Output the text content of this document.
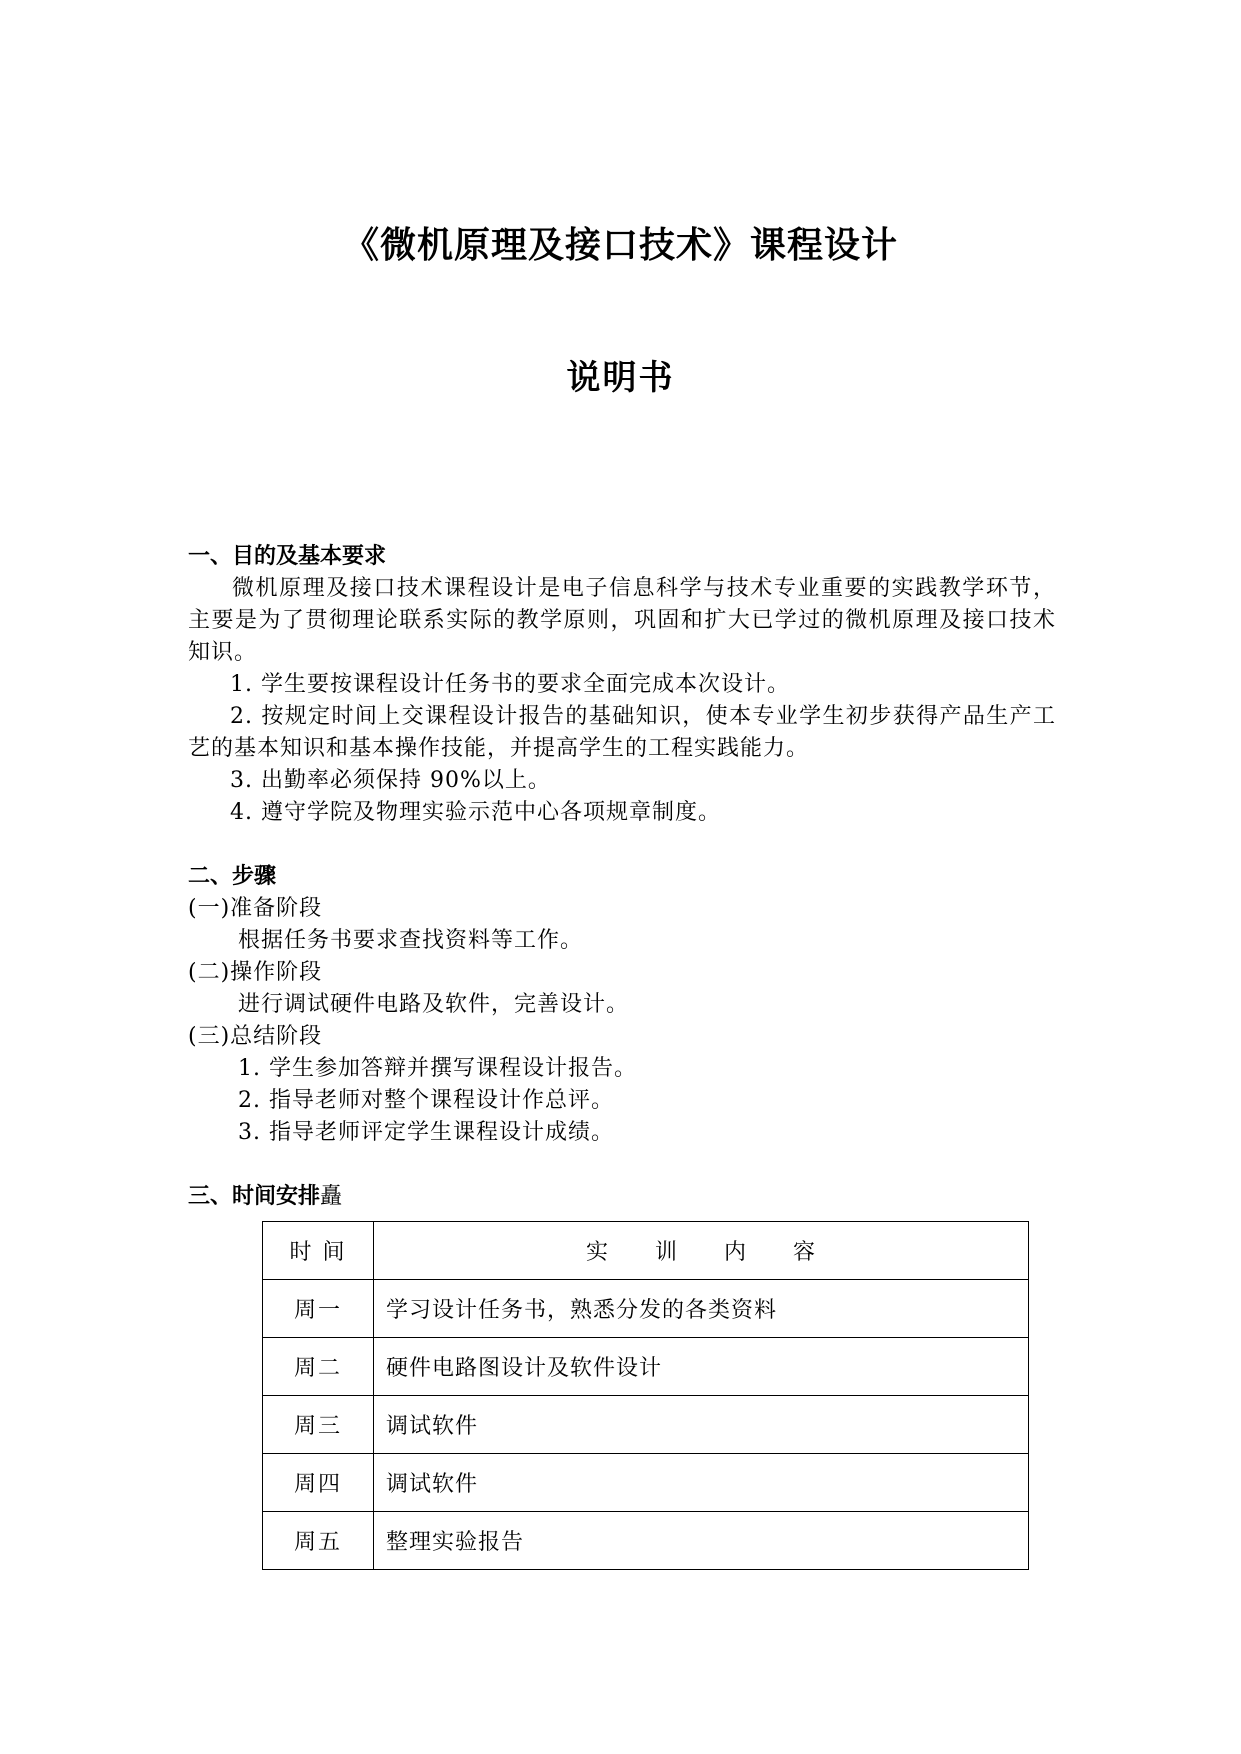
《微机原理及接口技术》课程设计
说明书
一、目的及基本要求
微机原理及接口技术课程设计是电子信息科学与技术专业重要的实践教学环节，主要是为了贯彻理论联系实际的教学原则，巩固和扩大已学过的微机原理及接口技术知识。
1. 学生要按课程设计任务书的要求全面完成本次设计。
2. 按规定时间上交课程设计报告的基础知识，使本专业学生初步获得产品生产工艺的基本知识和基本操作技能，并提高学生的工程实践能力。
3. 出勤率必须保持 90%以上。
4. 遵守学院及物理实验示范中心各项规章制度。
二、步骤
(一)准备阶段
根据任务书要求查找资料等工作。
(二)操作阶段
进行调试硬件电路及软件，完善设计。
(三)总结阶段
1. 学生参加答辩并撰写课程设计报告。
2. 指导老师对整个课程设计作总评。
3. 指导老师评定学生课程设计成绩。
三、时间安排矗
时 间	实　　训　　内　　容
周一	学习设计任务书，熟悉分发的各类资料
周二	硬件电路图设计及软件设计
周三	调试软件
周四	调试软件
周五	整理实验报告
